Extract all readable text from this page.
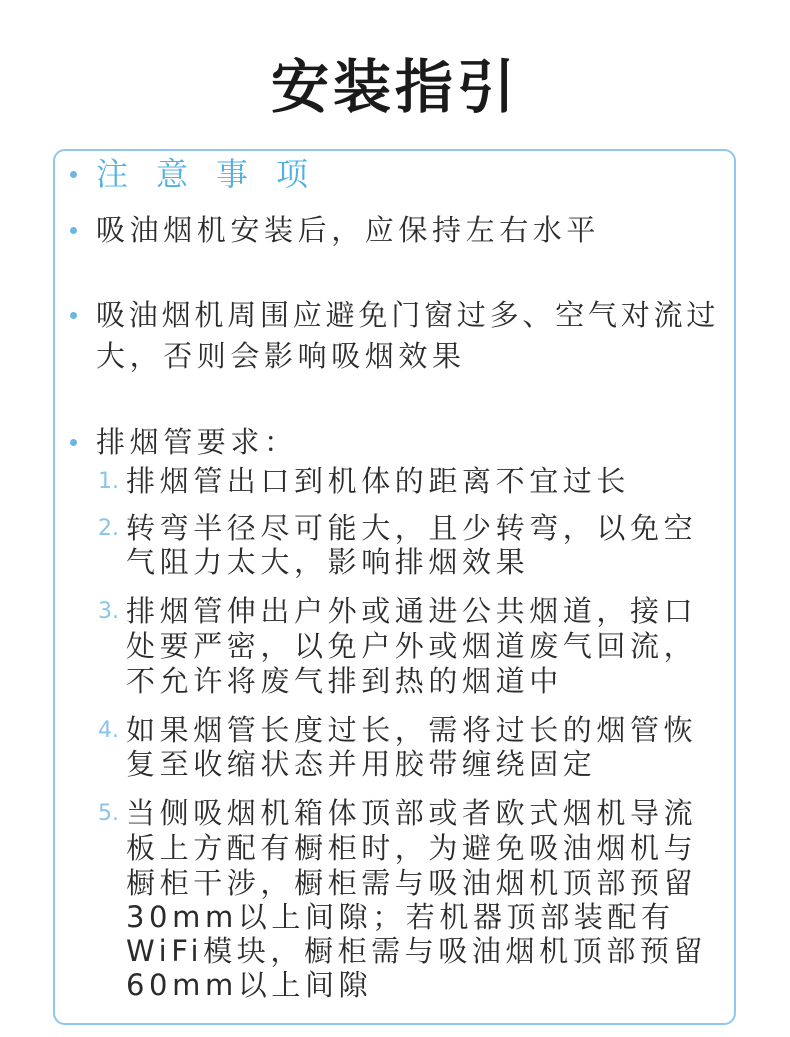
安装指引
注意事项
吸油烟机安装后，应保持左右水平
吸油烟机周围应避免门窗过多、空气对流过
大，否则会影响吸烟效果
排烟管要求：
1. 排烟管出口到机体的距离不宜过长
2. 转弯半径尽可能大，且少转弯，以免空
气阻力太大，影响排烟效果
3. 排烟管伸出户外或通进公共烟道，接口
处要严密，以免户外或烟道废气回流，
不允许将废气排到热的烟道中
4. 如果烟管长度过长，需将过长的烟管恢
复至收缩状态并用胶带缠绕固定
5. 当侧吸烟机箱体顶部或者欧式烟机导流
板上方配有橱柜时，为避免吸油烟机与
橱柜干涉，橱柜需与吸油烟机顶部预留
30mm以上间隙；若机器顶部装配有
WiFi模块，橱柜需与吸油烟机顶部预留
60mm以上间隙
